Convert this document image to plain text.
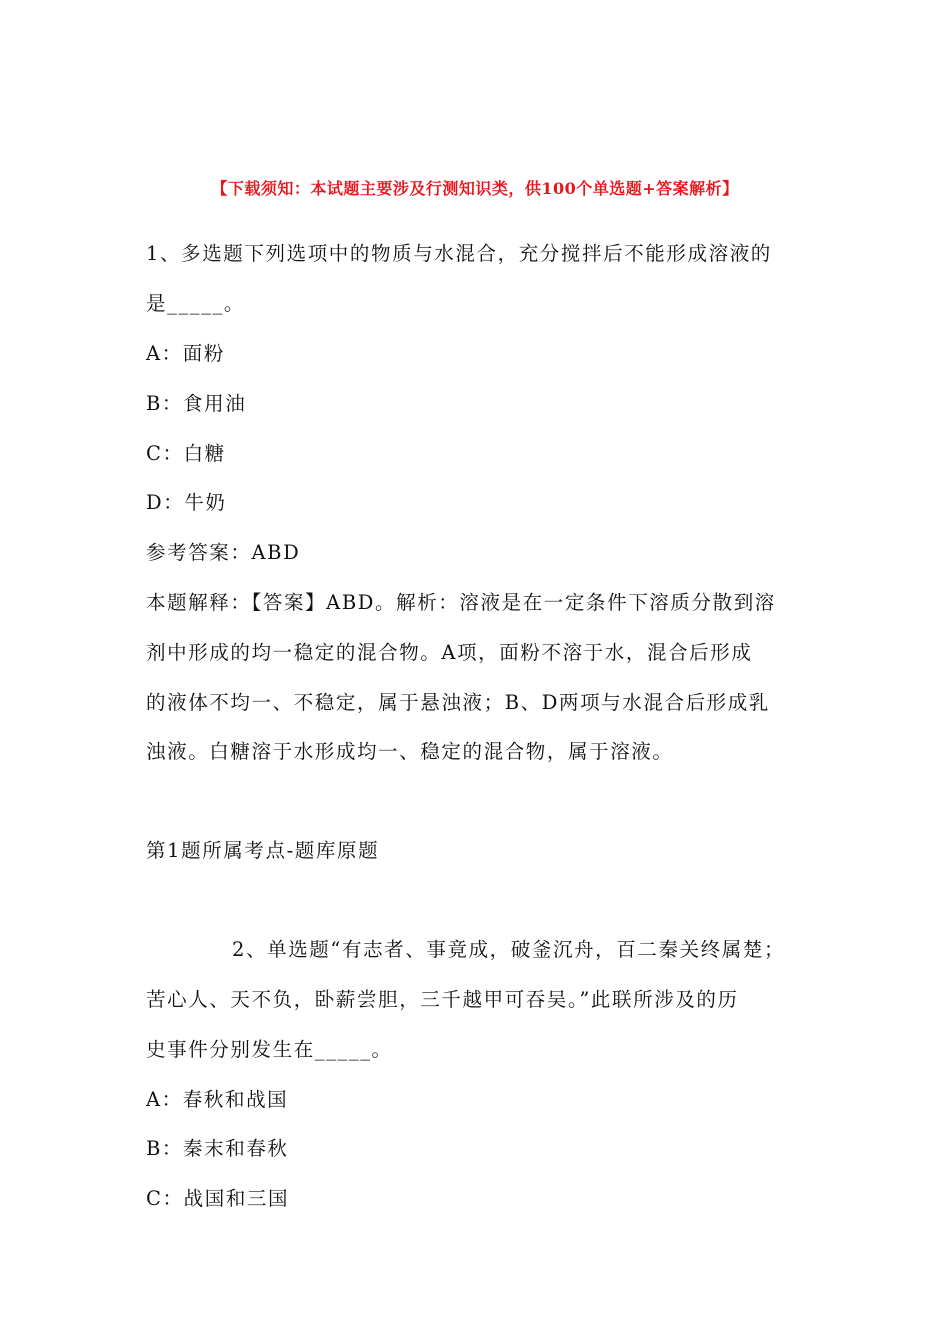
【下载须知：本试题主要涉及行测知识类，供100个单选题+答案解析】
1、多选题下列选项中的物质与水混合，充分搅拌后不能形成溶液的
是_____。
A：面粉
B：食用油
C：白糖
D：牛奶
参考答案：ABD
本题解释：【答案】ABD。解析：溶液是在一定条件下溶质分散到溶
剂中形成的均一稳定的混合物。A项，面粉不溶于水，混合后形成
的液体不均一、不稳定，属于悬浊液；B、D两项与水混合后形成乳
浊液。白糖溶于水形成均一、稳定的混合物，属于溶液。
第1题所属考点-题库原题
2、单选题“有志者、事竟成，破釜沉舟，百二秦关终属楚；
苦心人、天不负，卧薪尝胆，三千越甲可吞吴。”此联所涉及的历
史事件分别发生在_____。
A：春秋和战国
B：秦末和春秋
C：战国和三国
